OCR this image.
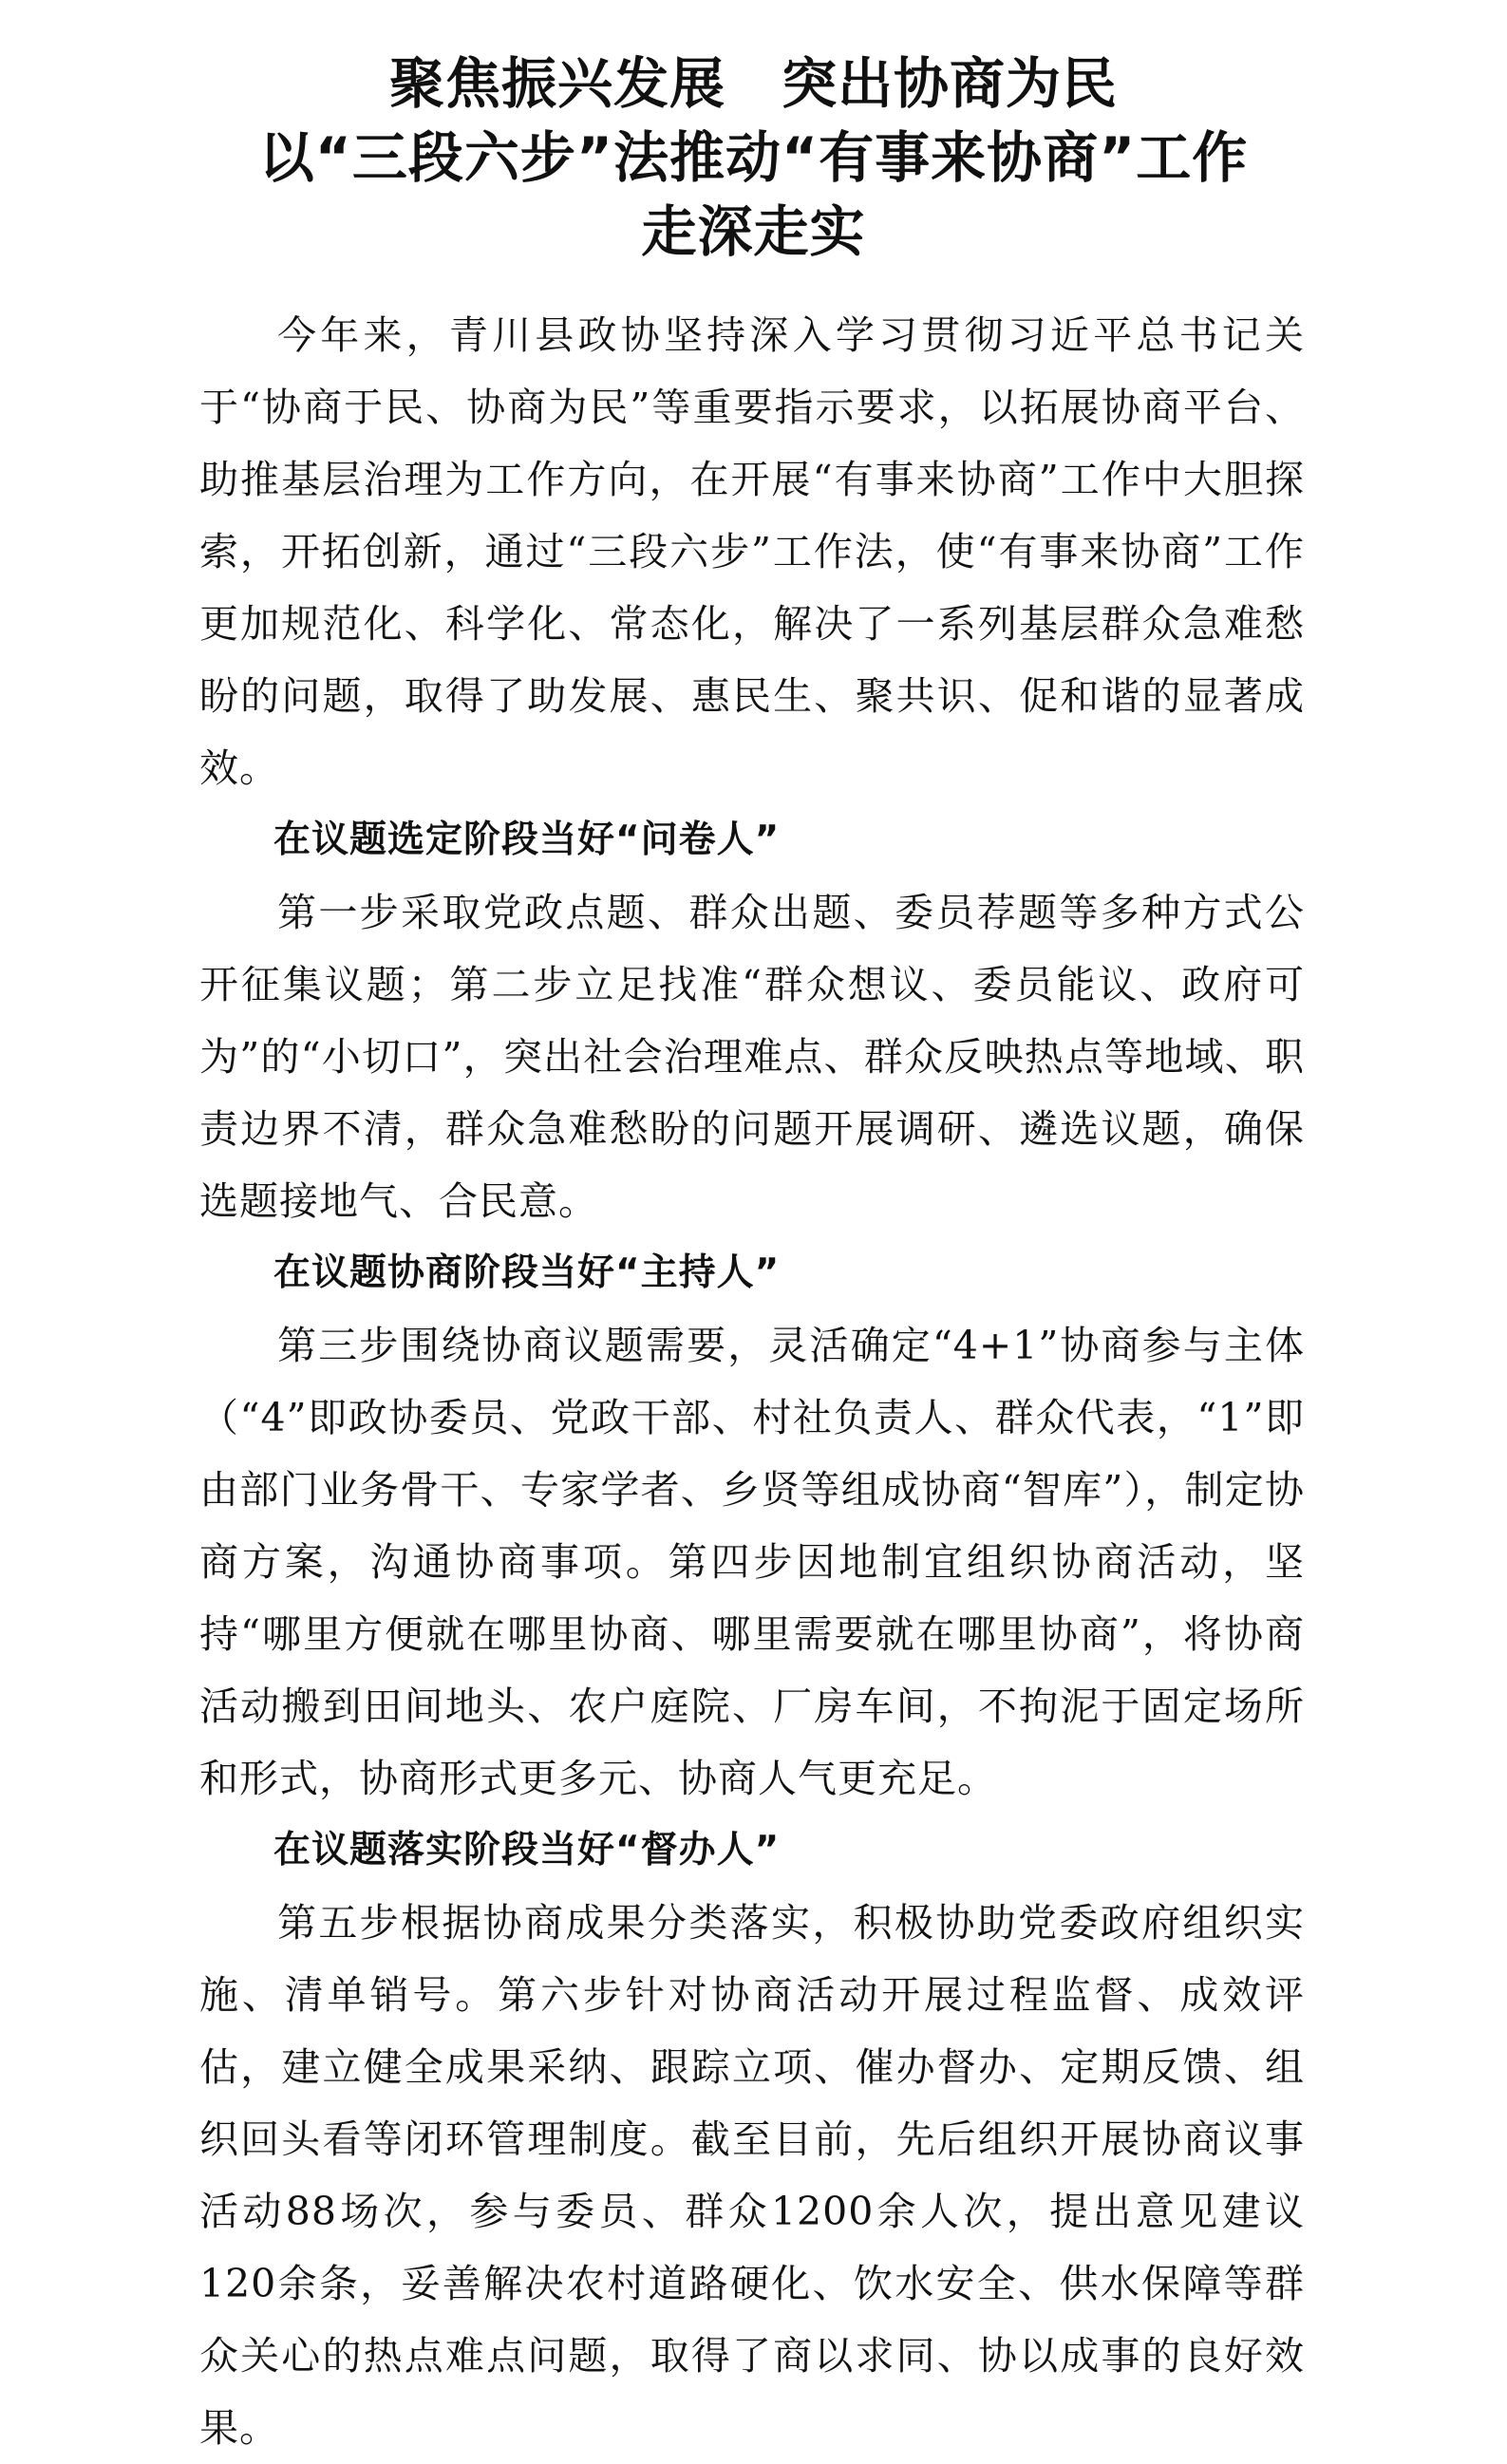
聚焦振兴发展　突出协商为民
以“三段六步”法推动“有事来协商”工作
走深走实

今年来，青川县政协坚持深入学习贯彻习近平总书记关于“协商于民、协商为民”等重要指示要求，以拓展协商平台、助推基层治理为工作方向，在开展“有事来协商”工作中大胆探索，开拓创新，通过“三段六步”工作法，使“有事来协商”工作更加规范化、科学化、常态化，解决了一系列基层群众急难愁盼的问题，取得了助发展、惠民生、聚共识、促和谐的显著成效。

在议题选定阶段当好“问卷人”

第一步采取党政点题、群众出题、委员荐题等多种方式公开征集议题；第二步立足找准“群众想议、委员能议、政府可为”的“小切口”，突出社会治理难点、群众反映热点等地域、职责边界不清，群众急难愁盼的问题开展调研、遴选议题，确保选题接地气、合民意。

在议题协商阶段当好“主持人”

第三步围绕协商议题需要，灵活确定“4+1”协商参与主体（“4”即政协委员、党政干部、村社负责人、群众代表，“1”即由部门业务骨干、专家学者、乡贤等组成协商“智库”），制定协商方案，沟通协商事项。第四步因地制宜组织协商活动，坚持“哪里方便就在哪里协商、哪里需要就在哪里协商”，将协商活动搬到田间地头、农户庭院、厂房车间，不拘泥于固定场所和形式，协商形式更多元、协商人气更充足。

在议题落实阶段当好“督办人”

第五步根据协商成果分类落实，积极协助党委政府组织实施、清单销号。第六步针对协商活动开展过程监督、成效评估，建立健全成果采纳、跟踪立项、催办督办、定期反馈、组织回头看等闭环管理制度。截至目前，先后组织开展协商议事活动88场次，参与委员、群众1200余人次，提出意见建议120余条，妥善解决农村道路硬化、饮水安全、供水保障等群众关心的热点难点问题，取得了商以求同、协以成事的良好效果。
